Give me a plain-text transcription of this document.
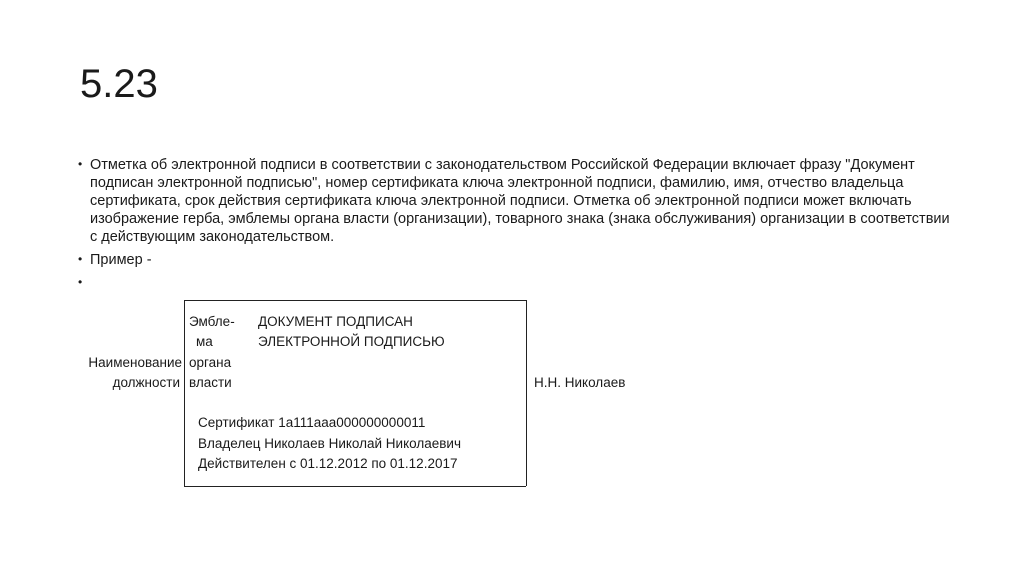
5.23
• Отметка об электронной подписи в соответствии с законодательством Российской Федерации включает фразу "Документ подписан электронной подписью", номер сертификата ключа электронной подписи, фамилию, имя, отчество владельца сертификата, срок действия сертификата ключа электронной подписи. Отметка об электронной подписи может включать изображение герба, эмблемы органа власти (организации), товарного знака (знака обслуживания) организации в соответствии с действующим законодательством.
• Пример -
•
Наименование
должности
Эмбле-
ма
органа
власти
ДОКУМЕНТ ПОДПИСАН
ЭЛЕКТРОННОЙ ПОДПИСЬЮ
Сертификат 1a111aaa000000000011
Владелец Николаев Николай Николаевич
Действителен с 01.12.2012 по 01.12.2017
Н.Н. Николаев
